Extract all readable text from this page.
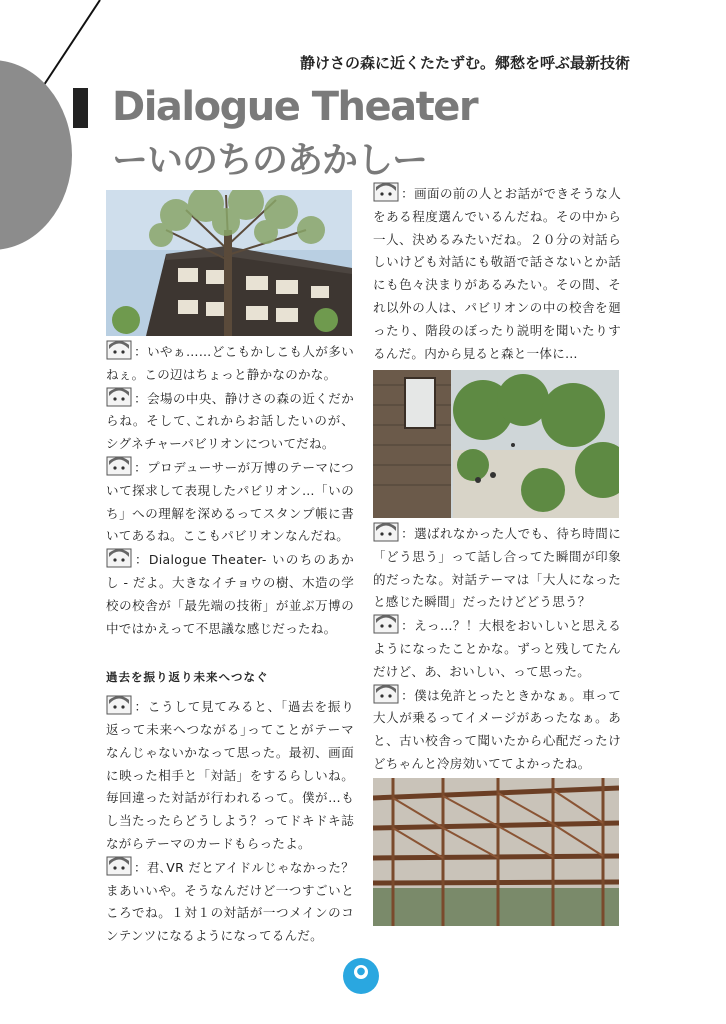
静けさの森に近くたたずむ。郷愁を呼ぶ最新技術
Dialogue Theater
ーいのちのあかしー

：いやぁ……どこもかしこも人が多いねぇ。この辺はちょっと静かなのかな。

：会場の中央、静けさの森の近くだからね。そして､これからお話したいのが、シグネチャーパビリオンについてだね。

：プロデューサーが万博のテーマについて探求して表現したパビリオン…「いのち」への理解を深めるってスタンプ帳に書いてあるね。ここもパビリオンなんだね。

：Dialogue Theater- いのちのあかし - だよ。大きなイチョウの樹、木造の学校の校舎が「最先端の技術」が並ぶ万博の中ではかえって不思議な感じだったね。

過去を振り返り未来へつなぐ

：こうして見てみると、｢過去を振り返って未来へつながる｣ってことがテーマなんじゃないかなって思った。最初、画面に映った相手と「対話」をするらしいね。毎回違った対話が行われるって。僕が…もし当たったらどうしよう？ってドキドキ誌ながらテーマのカードもらったよ。

：君､VR だとアイドルじゃなかった？まあいいや。そうなんだけど一つすごいところでね。１対１の対話が一つメインのコンテンツになるようになってるんだ。

：画面の前の人とお話ができそうな人をある程度選んでいるんだね。その中から一人、決めるみたいだね。２０分の対話らしいけども対話にも敬語で話さないとか話にも色々決まりがあるみたい。その間、それ以外の人は、パビリオンの中の校舎を廻ったり、階段のぼったり説明を聞いたりするんだ。内から見ると森と一体に…

：選ばれなかった人でも、待ち時間に「どう思う」って話し合ってた瞬間が印象的だったな。対話テーマは「大人になったと感じた瞬間」だったけどどう思う？

：えっ…？！大根をおいしいと思えるようになったことかな。ずっと残してたんだけど、あ、おいしい、って思った。

：僕は免許とったときかなぁ。車って大人が乗るってイメージがあったなぁ。あと、古い校舎って聞いたから心配だったけどちゃんと冷房効いててよかったね。

●
